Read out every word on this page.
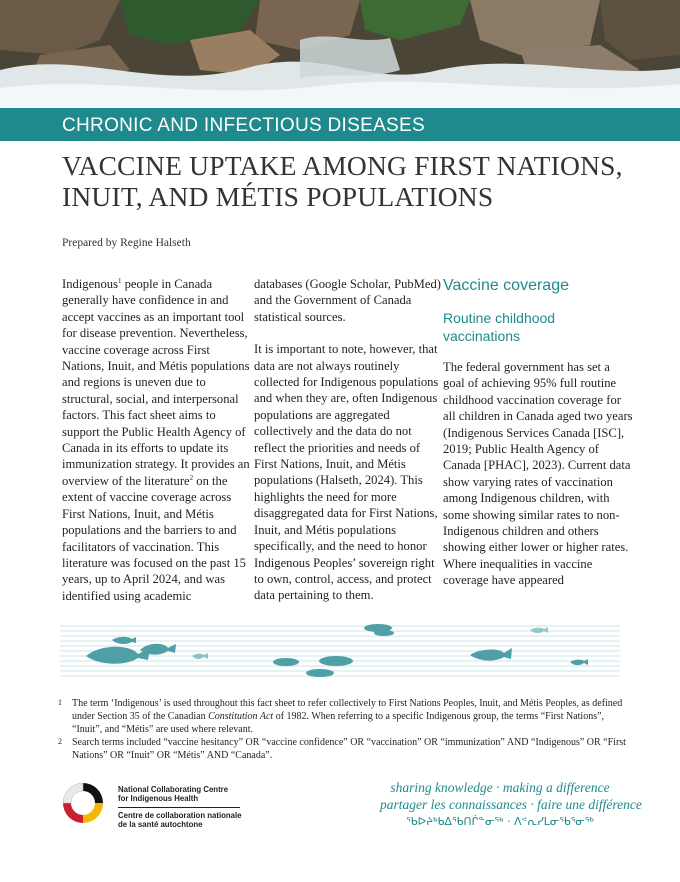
CHRONIC AND INFECTIOUS DISEASES
VACCINE UPTAKE AMONG FIRST NATIONS,
INUIT, AND MÉTIS POPULATIONS
Prepared by Regine Halseth

Indigenous$^1$ people in Canada generally have confidence in and accept vaccines as an important tool for disease prevention. Nevertheless, vaccine coverage across First Nations, Inuit, and Métis populations and regions is uneven due to structural, social, and interpersonal factors. This fact sheet aims to support the Public Health Agency of Canada in its efforts to update its immunization strategy. It provides an overview of the literature$^2$ on the extent of vaccine coverage across First Nations, Inuit, and Métis populations and the barriers to and facilitators of vaccination. This literature was focused on the past 15 years, up to April 2024, and was identified using academic

databases (Google Scholar, PubMed) and the Government of Canada statistical sources.

It is important to note, however, that data are not always routinely collected for Indigenous populations and when they are, often Indigenous populations are aggregated collectively and the data do not reflect the priorities and needs of First Nations, Inuit, and Métis populations (Halseth, 2024). This highlights the need for more disaggregated data for First Nations, Inuit, and Métis populations specifically, and the need to honor Indigenous Peoples’ sovereign right to own, control, access, and protect data pertaining to them.

Vaccine coverage
Routine childhood vaccinations

The federal government has set a goal of achieving 95% full routine childhood vaccination coverage for all children in Canada aged two years (Indigenous Services Canada [ISC], 2019; Public Health Agency of Canada [PHAC], 2023). Current data show varying rates of vaccination among Indigenous children, with some showing similar rates to non-Indigenous children and others showing either lower or higher rates. Where inequalities in vaccine coverage have appeared

1 The term ‘Indigenous’ is used throughout this fact sheet to refer collectively to First Nations Peoples, Inuit, and Métis Peoples, as defined under Section 35 of the Canadian Constitution Act of 1982. When referring to a specific Indigenous group, the terms “First Nations”, “Inuit”, and “Métis” are used where relevant.
2 Search terms included “vaccine hesitancy” OR “vaccine confidence” OR “vaccination” OR “immunization” AND “Indigenous” OR “First Nations” OR “Inuit” OR “Métis” AND “Canada”.
National Collaborating Centre
for Indigenous Health
Centre de collaboration nationale
de la santé autochtone
sharing knowledge · making a difference
partager les connaissances · faire une différence
ᖃᐅᔨᒃᑲᐃᖃᑎᒌᓐᓂᖅ · ᐱᕝᕆᓯᒪᓂᖃᕐᓂᖅ
